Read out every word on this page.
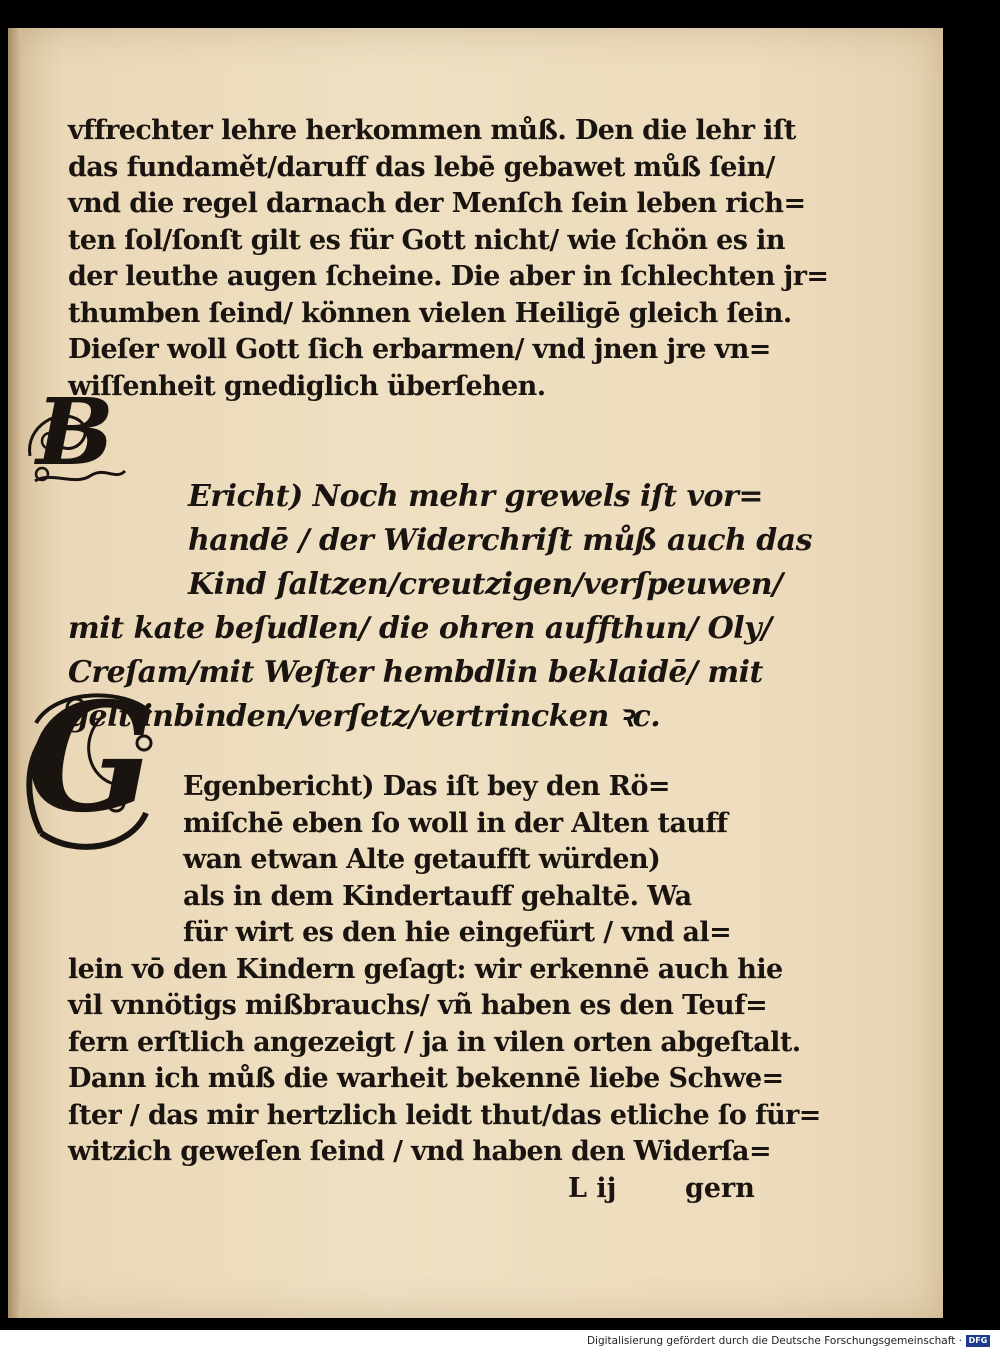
vffrechter lehre herkommen můß. Den die lehr iſt
das fundamět/daruff das lebē gebawet můß ſein/
vnd die regel darnach der Menſch ſein leben rich=
ten ſol/ſonſt gilt es für Gott nicht/ wie ſchön es in
der leuthe augen ſcheine. Die aber in ſchlechten jr=
thumben ſeind/ können vielen Heiligē gleich ſein.
Dieſer woll Gott ſich erbarmen/ vnd jnen jre vn=
wiſſenheit gnediglich überſehen.
Ericht) Noch mehr grewels iſt vor=
handē / der Widerchriſt můß auch das
Kind ſaltzen/creutzigen/verſpeuwen/
mit kate beſudlen/ die ohren auffthun/ Oly/
Creſam/mit Weſter hembdlin beklaidē/ mit
gelt inbinden/verſetz/vertrincken ꝛc.
Egenbericht) Das iſt bey den Rö=
miſchē eben ſo woll in der Alten tauff
wan etwan Alte getaufft würden)
als in dem Kindertauff gehaltē. Wa
für wirt es den hie eingefürt / vnd al=
lein vō den Kindern geſagt: wir erkennē auch hie
vil vnnötigs mißbrauchs/ vñ haben es den Teuf=
fern erſtlich angezeigt / ja in vilen orten abgeſtalt.
Dann ich můß die warheit bekennē liebe Schwe=
ſter / das mir hertzlich leidt thut/das etliche ſo für=
witzich geweſen ſeind / vnd haben den Widerſa=
L ij	gern
B
G
Digitalisierung gefördert durch die Deutsche Forschungsgemeinschaft · DFG
